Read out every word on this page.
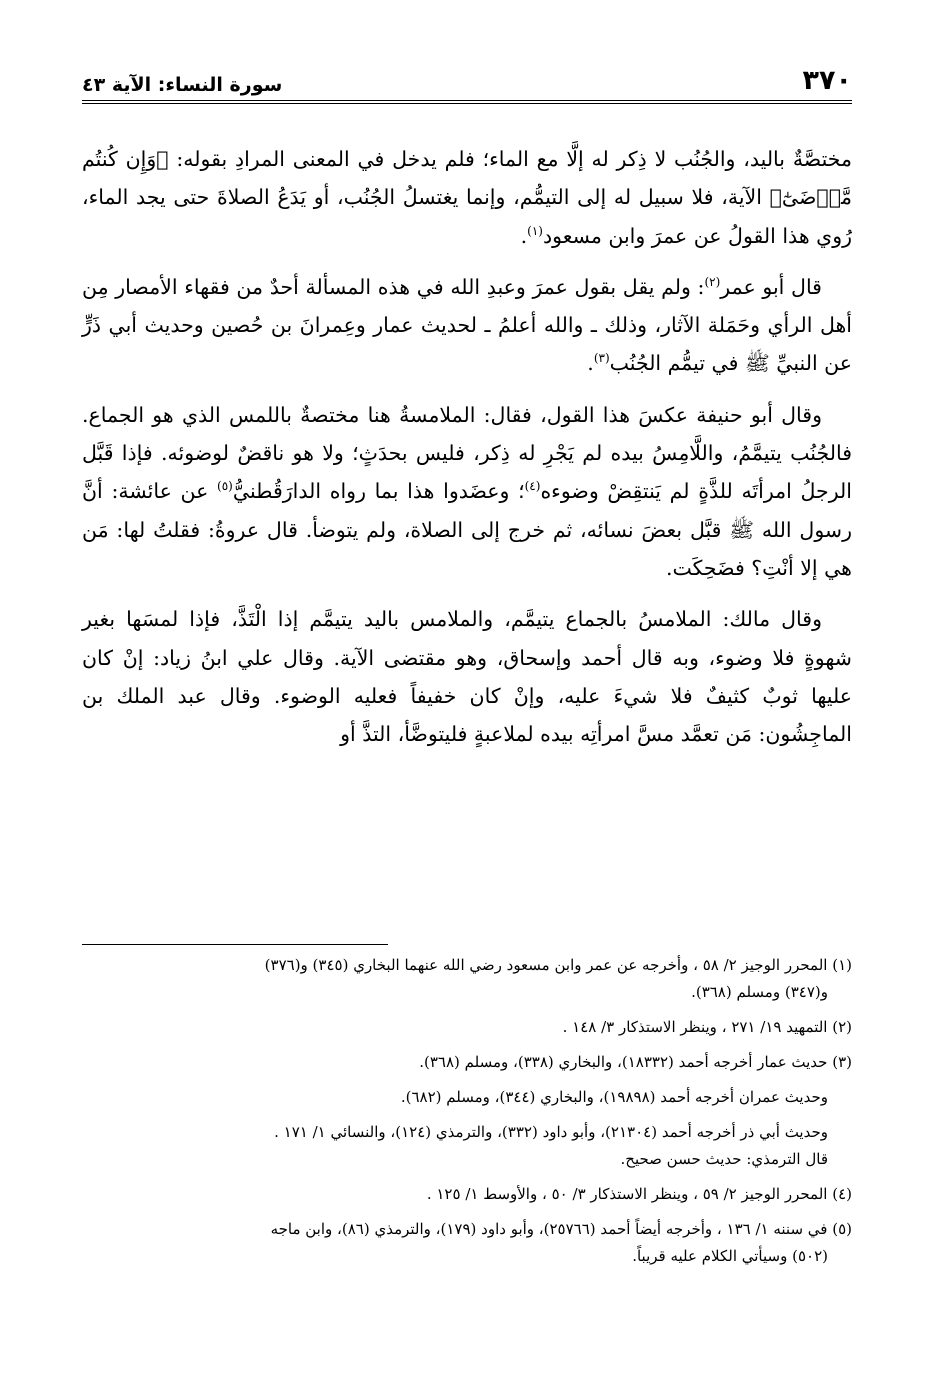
٣٧٠
سورة النساء: الآية ٤٣

مختصَّةٌ باليد، والجُنُب لا ذِكر له إلَّا مع الماء؛ فلم يدخل في المعنى المرادِ بقوله: ﴿وَإِن كُنتُم مَّرۡضَىٰٓ﴾ الآية، فلا سبيل له إلى التيمُّم، وإنما يغتسلُ الجُنُب، أو يَدَعُ الصلاةَ حتى يجد الماء، رُوي هذا القولُ عن عمرَ وابن مسعود$^{(١)}$.

قال أبو عمر$^{(٢)}$: ولم يقل بقول عمرَ وعبدِ الله في هذه المسألة أحدٌ من فقهاء الأمصار مِن أهل الرأي وحَمَلة الآثار، وذلك ـ والله أعلمُ ـ لحديث عمار وعِمرانَ بن حُصين وحديث أبي ذَرٍّ عن النبيِّ ﷺ في تيمُّم الجُنُب$^{(٣)}$.

وقال أبو حنيفة عكسَ هذا القول، فقال: الملامسةُ هنا مختصةٌ باللمس الذي هو الجماع. فالجُنُب يتيمَّمُ، واللَّامِسُ بيده لم يَجْرِ له ذِكر، فليس بحدَثٍ؛ ولا هو ناقضٌ لوضوئه. فإذا قَبَّل الرجلُ امرأتَه للذَّةٍ لم يَنتقِضْ وضوءه$^{(٤)}$؛ وعضَدوا هذا بما رواه الدارَقُطنيُّ$^{(٥)}$ عن عائشة: أنَّ رسول الله ﷺ قبَّل بعضَ نسائه، ثم خرج إلى الصلاة، ولم يتوضأ. قال عروةُ: فقلتُ لها: مَن هي إلا أنْتِ؟ فضَحِكَت.

وقال مالك: الملامسُ بالجماع يتيمَّم، والملامس باليد يتيمَّم إذا الْتَذَّ، فإذا لمسَها بغير شهوةٍ فلا وضوء، وبه قال أحمد وإسحاق، وهو مقتضى الآية. وقال علي ابنُ زياد: إنْ كان عليها ثوبٌ كثيفٌ فلا شيءَ عليه، وإنْ كان خفيفاً فعليه الوضوء. وقال عبد الملك بن الماجِشُون: مَن تعمَّد مسَّ امرأتِه بيده لملاعبةٍ فليتوضَّأ، التذَّ أو

(١) المحرر الوجيز ٢/ ٥٨ ، وأخرجه عن عمر وابن مسعود رضي الله عنهما البخاري (٣٤٥) و(٣٧٦)
و(٣٤٧) ومسلم (٣٦٨).
(٢) التمهيد ١٩/ ٢٧١ ، وينظر الاستذكار ٣/ ١٤٨ .
(٣) حديث عمار أخرجه أحمد (١٨٣٣٢)، والبخاري (٣٣٨)، ومسلم (٣٦٨).
وحديث عمران أخرجه أحمد (١٩٨٩٨)، والبخاري (٣٤٤)، ومسلم (٦٨٢).
وحديث أبي ذر أخرجه أحمد (٢١٣٠٤)، وأبو داود (٣٣٢)، والترمذي (١٢٤)، والنسائي ١/ ١٧١ .
قال الترمذي: حديث حسن صحيح.
(٤) المحرر الوجيز ٢/ ٥٩ ، وينظر الاستذكار ٣/ ٥٠ ، والأوسط ١/ ١٢٥ .
(٥) في سننه ١/ ١٣٦ ، وأخرجه أيضاً أحمد (٢٥٧٦٦)، وأبو داود (١٧٩)، والترمذي (٨٦)، وابن ماجه
(٥٠٢) وسيأتي الكلام عليه قريباً.
